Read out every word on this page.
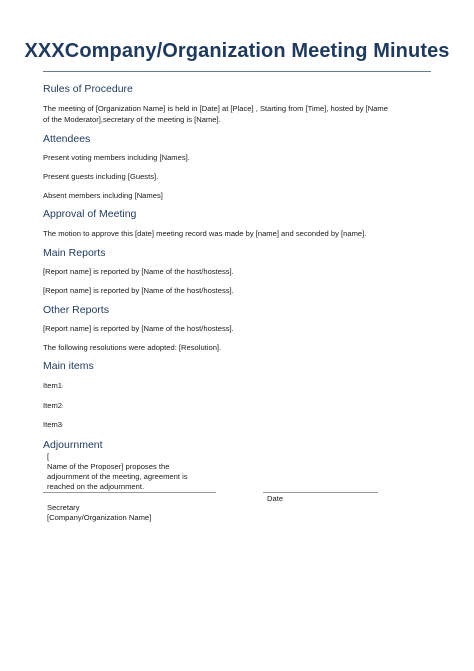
XXXCompany/Organization Meeting Minutes
Rules of Procedure
The meeting of [Organization Name] is held in [Date] at [Place] , Starting from [Time], hosted by [Name
of the Moderator],secretary of the meeting is [Name].
Attendees
Present voting members including [Names].
Present guests including [Guests].
Absent members including [Names]
Approval of Meeting
The motion to approve this [date] meeting record was made by [name] and seconded by [name].
Main Reports
[Report name] is reported by [Name of the host/hostess].
[Report name] is reported by [Name of the host/hostess].
Other Reports
[Report name] is reported by [Name of the host/hostess].
The following resolutions were adopted: [Resolution].
Main items
Item1:
Item2:
Item3:
Adjournment
[
Name of the Proposer] proposes the
adjournment of the meeting, agreement is
reached on the adjournment.
Date
Secretary
[Company/Organization Name]
